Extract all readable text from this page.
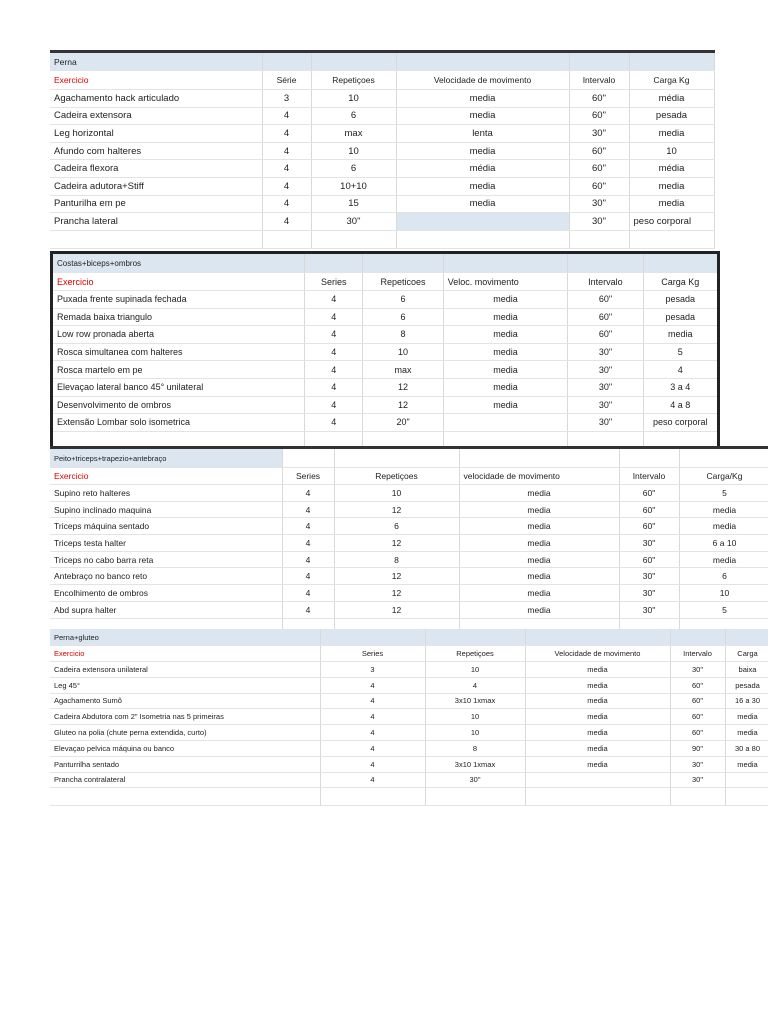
Perna					
Exercicio	Série	Repetiçoes	Velocidade de movimento	Intervalo	Carga Kg
Agachamento hack articulado	3	10	media	60"	média
Cadeira extensora	4	6	media	60"	pesada
Leg horizontal	4	max	lenta	30"	media
Afundo com halteres	4	10	media	60"	10
Cadeira flexora	4	6	média	60"	média
Cadeira adutora+Stiff	4	10+10	media	60"	media
Panturilha em pe	4	15	media	30"	media
Prancha lateral	4	30"		30"	peso corporal

Costas+biceps+ombros					
Exercicio	Series	Repeticoes	Veloc. movimento	Intervalo	Carga Kg
Puxada frente supinada fechada	4	6	media	60"	pesada
Remada baixa triangulo	4	6	media	60"	pesada
Low row pronada aberta	4	8	media	60"	media
Rosca simultanea com halteres	4	10	media	30"	5
Rosca martelo em pe	4	max	media	30"	4
Elevaçao lateral banco 45° unilateral	4	12	media	30"	3 a 4
Desenvolvimento de ombros	4	12	media	30"	4 a 8
Extensão Lombar solo isometrica	4	20"		30"	peso corporal

Peito+triceps+trapezio+antebraço					
Exercicio	Series	Repetiçoes	velocidade de movimento	Intervalo	Carga/Kg
Supino reto halteres	4	10	media	60"	5
Supino inclinado maquina	4	12	media	60"	media
Triceps máquina sentado	4	6	media	60"	media
Triceps testa halter	4	12	media	30"	6 a 10
Triceps no cabo barra reta	4	8	media	60"	media
Antebraço no banco reto	4	12	media	30"	6
Encolhimento de ombros	4	12	media	30"	10
Abd supra halter	4	12	media	30"	5

Perna+gluteo					
Exercicio	Series	Repetiçoes	Velocidade de movimento	Intervalo	Carga
Cadeira extensora unilateral	3	10	media	30"	baixa
Leg 45°	4	4	media	60"	pesada
Agachamento Sumô	4	3x10 1xmax	media	60"	16 a 30
Cadeira Abdutora com 2" Isometria nas 5 primeiras	4	10	media	60"	media
Gluteo na polia (chute perna extendida, curto)	4	10	media	60"	media
Elevaçao pelvica máquina ou banco	4	8	media	90"	30 a 80
Panturrilha sentado	4	3x10 1xmax	media	30"	media
Prancha contralateral	4	30"		30"	
